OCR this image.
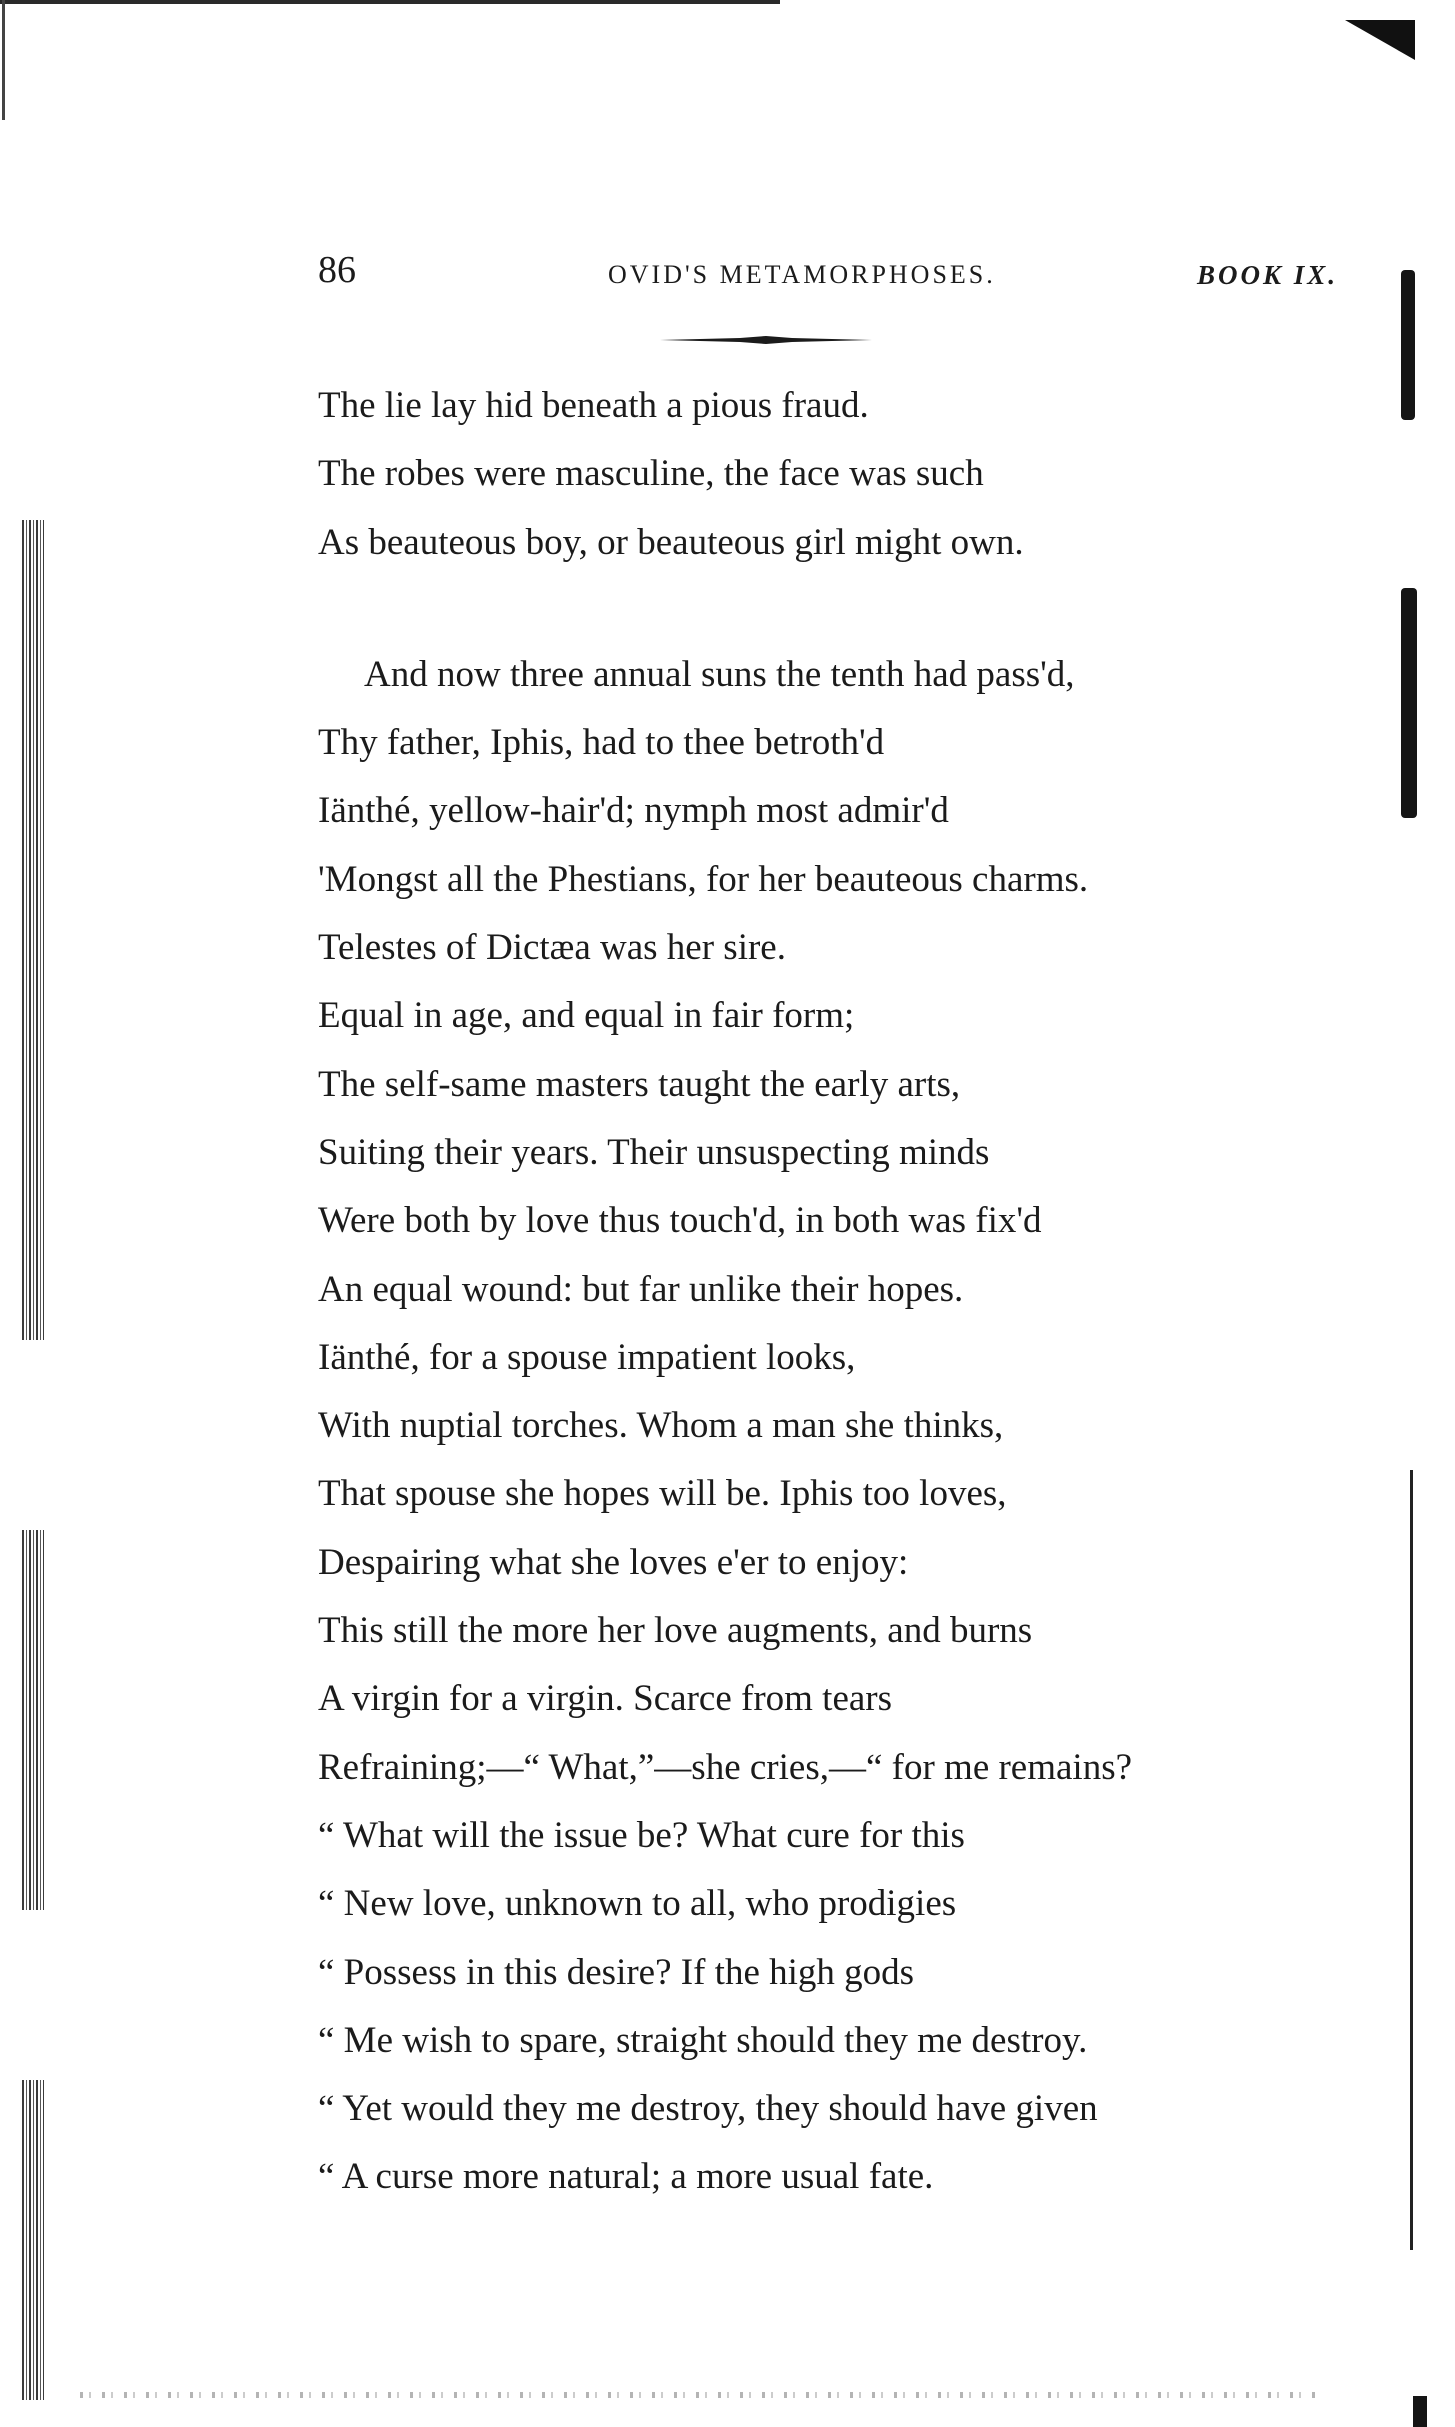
86	OVID'S METAMORPHOSES.	BOOK IX.
The lie lay hid beneath a pious fraud.
The robes were masculine, the face was such
As beauteous boy, or beauteous girl might own.
And now three annual suns the tenth had pass'd,
Thy father, Iphis, had to thee betroth'd
Iänthé, yellow-hair'd; nymph most admir'd
'Mongst all the Phestians, for her beauteous charms.
Telestes of Dictæa was her sire.
Equal in age, and equal in fair form;
The self-same masters taught the early arts,
Suiting their years. Their unsuspecting minds
Were both by love thus touch'd, in both was fix'd
An equal wound: but far unlike their hopes.
Iänthé, for a spouse impatient looks,
With nuptial torches. Whom a man she thinks,
That spouse she hopes will be. Iphis too loves,
Despairing what she loves e'er to enjoy:
This still the more her love augments, and burns
A virgin for a virgin. Scarce from tears
Refraining;—“ What,”—she cries,—“ for me remains?
“ What will the issue be? What cure for this
“ New love, unknown to all, who prodigies
“ Possess in this desire? If the high gods
“ Me wish to spare, straight should they me destroy.
“ Yet would they me destroy, they should have given
“ A curse more natural; a more usual fate.
